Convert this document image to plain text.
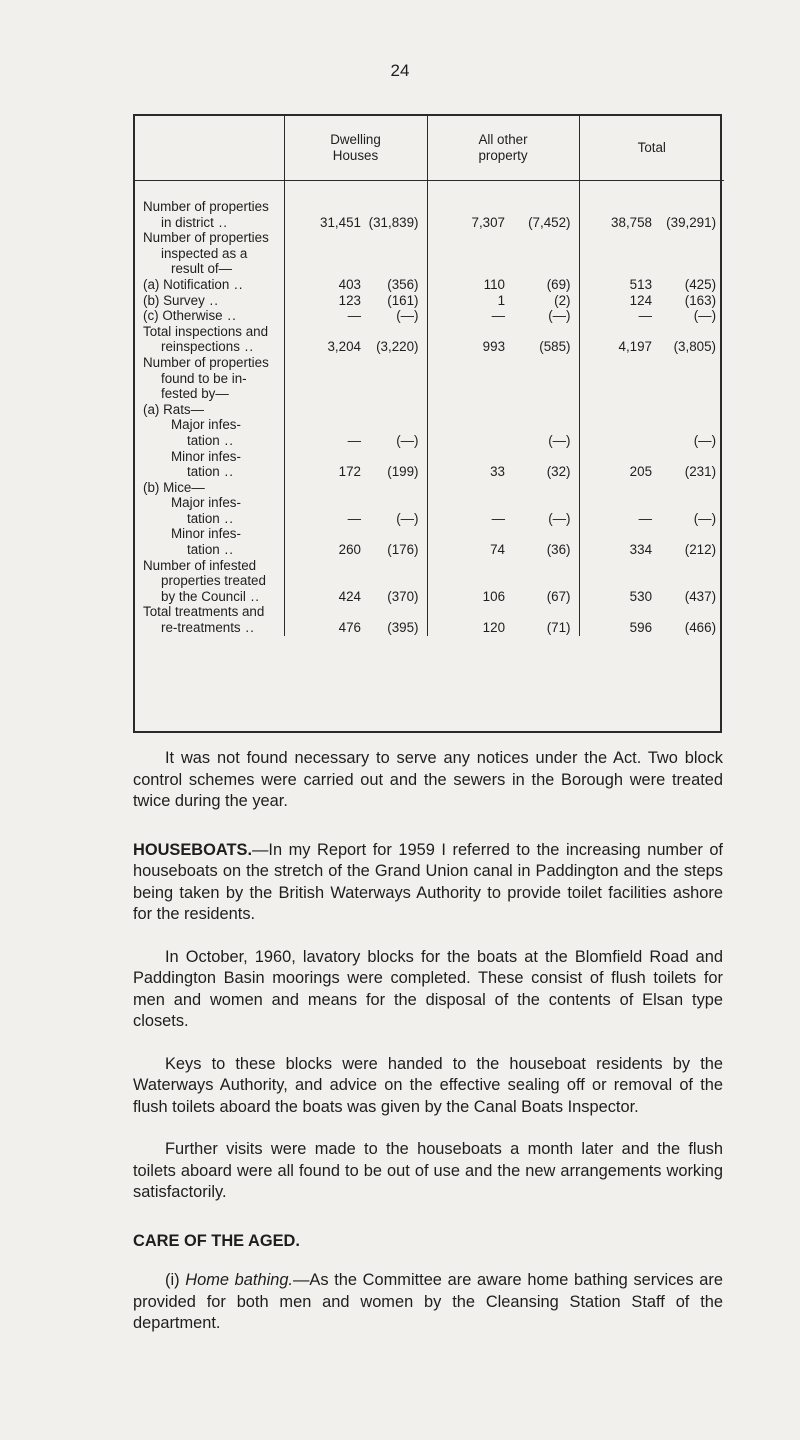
24
	Dwelling
Houses		All other
property		Total	

Number of properties
in district ..	31,451	(31,839)	7,307	(7,452)	38,758	(39,291)
Number of properties
inspected as a
result of—						
(a) Notification ..	403	(356)	110	(69)	513	(425)
(b) Survey ..	123	(161)	1	(2)	124	(163)
(c) Otherwise ..	—	(—)	—	(—)	—	(—)
Total inspections and
reinspections ..	3,204	(3,220)	993	(585)	4,197	(3,805)
Number of properties
found to be in-
fested by—						
(a) Rats—						
Major infes-
tation ..	—	(—)		(—)		(—)
Minor infes-
tation ..	172	(199)	33	(32)	205	(231)
(b) Mice—						
Major infes-
tation ..	—	(—)	—	(—)	—	(—)
Minor infes-
tation ..	260	(176)	74	(36)	334	(212)
Number of infested
properties treated
by the Council ..	424	(370)	106	(67)	530	(437)
Total treatments and
re-treatments ..	476	(395)	120	(71)	596	(466)

It was not found necessary to serve any notices under the Act. Two block control schemes were carried out and the sewers in the Borough were treated twice during the year.

HOUSEBOATS.—In my Report for 1959 I referred to the increasing number of houseboats on the stretch of the Grand Union canal in Paddington and the steps being taken by the British Waterways Authority to provide toilet facilities ashore for the residents.

In October, 1960, lavatory blocks for the boats at the Blomfield Road and Paddington Basin moorings were completed. These consist of flush toilets for men and women and means for the disposal of the contents of Elsan type closets.

Keys to these blocks were handed to the houseboat residents by the Waterways Authority, and advice on the effective sealing off or removal of the flush toilets aboard the boats was given by the Canal Boats Inspector.

Further visits were made to the houseboats a month later and the flush toilets aboard were all found to be out of use and the new arrangements working satisfactorily.

CARE OF THE AGED.

(i) Home bathing.—As the Committee are aware home bathing services are provided for both men and women by the Cleansing Station Staff of the department.
